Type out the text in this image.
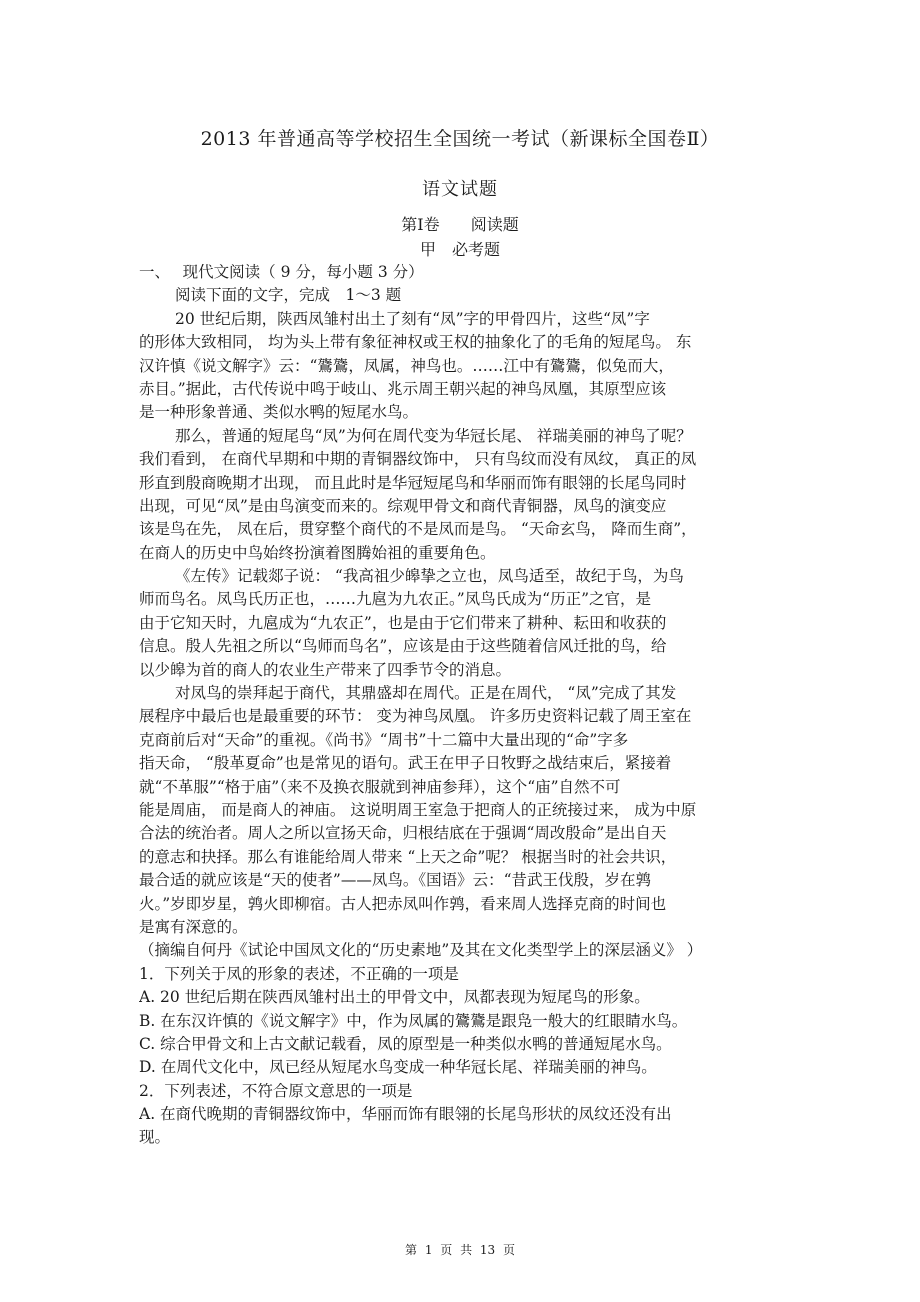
2013 年普通高等学校招生全国统一考试（新课标全国卷Ⅱ）
语文试题
第Ⅰ卷　 阅读题
甲　必考题
一、　 现代文阅读（ 9 分，每小题 3 分）
阅读下面的文字，完成　1～3 题
20 世纪后期，陕西凤雏村出土了刻有“凤”字的甲骨四片，这些“凤”字
的形体大致相同， 均为头上带有象征神权或王权的抽象化了的毛角的短尾鸟。 东
汉许慎《说文解字》云：“鷟鷟，凤属，神鸟也。……江中有鷟鷟，似兔而大，
赤目。”据此，古代传说中鸣于岐山、兆示周王朝兴起的神鸟凤凰，其原型应该
是一种形象普通、类似水鸭的短尾水鸟。
那么，普通的短尾鸟“凤”为何在周代变为华冠长尾、 祥瑞美丽的神鸟了呢？
我们看到， 在商代早期和中期的青铜器纹饰中， 只有鸟纹而没有凤纹， 真正的凤
形直到殷商晚期才出现， 而且此时是华冠短尾鸟和华丽而饰有眼翎的长尾鸟同时
出现，可见“凤”是由鸟演变而来的。综观甲骨文和商代青铜器，凤鸟的演变应
该是鸟在先， 凤在后，贯穿整个商代的不是凤而是鸟。 “天命玄鸟， 降而生商”，
在商人的历史中鸟始终扮演着图腾始祖的重要角色。
《左传》记载郯子说： “我高祖少皞挚之立也，凤鸟适至，故纪于鸟，为鸟
师而鸟名。凤鸟氏历正也，……九扈为九农正。”凤鸟氏成为“历正”之官，是
由于它知天时，九扈成为“九农正”，也是由于它们带来了耕种、耘田和收获的
信息。殷人先祖之所以“鸟师而鸟名”，应该是由于这些随着信风迁批的鸟，给
以少皞为首的商人的农业生产带来了四季节令的消息。
对凤鸟的崇拜起于商代，其鼎盛却在周代。正是在周代， “凤”完成了其发
展程序中最后也是最重要的环节： 变为神鸟凤凰。 许多历史资料记载了周王室在
克商前后对“天命”的重视。《尚书》“周书”十二篇中大量出现的“命”字多
指天命， “殷革夏命”也是常见的语句。武王在甲子日牧野之战结束后，紧接着
就“不革服”“格于庙”（来不及换衣服就到神庙参拜），这个“庙”自然不可
能是周庙， 而是商人的神庙。 这说明周王室急于把商人的正统接过来， 成为中原
合法的统治者。周人之所以宣扬天命，归根结底在于强调“周改殷命”是出自天
的意志和抉择。那么有谁能给周人带来 “上天之命”呢？ 根据当时的社会共识，
最合适的就应该是“天的使者”——凤鸟。《国语》云：“昔武王伐殷，岁在鹑
火。”岁即岁星，鹑火即柳宿。古人把赤凤叫作鹑，看来周人选择克商的时间也
是寓有深意的。
（摘编自何丹《试论中国凤文化的“历史素地”及其在文化类型学上的深层涵义》 ）
1．下列关于凤的形象的表述，不正确的一项是
A. 20 世纪后期在陕西凤雏村出土的甲骨文中，凤都表现为短尾鸟的形象。
B. 在东汉许慎的《说文解字》中，作为凤属的鷟鷟是跟凫一般大的红眼睛水鸟。
C. 综合甲骨文和上古文献记载看，凤的原型是一种类似水鸭的普通短尾水鸟。
D. 在周代文化中，凤已经从短尾水鸟变成一种华冠长尾、祥瑞美丽的神鸟。
2．下列表述，不符合原文意思的一项是
A. 在商代晚期的青铜器纹饰中，华丽而饰有眼翎的长尾鸟形状的凤纹还没有出
现。
第 1 页 共 13 页
